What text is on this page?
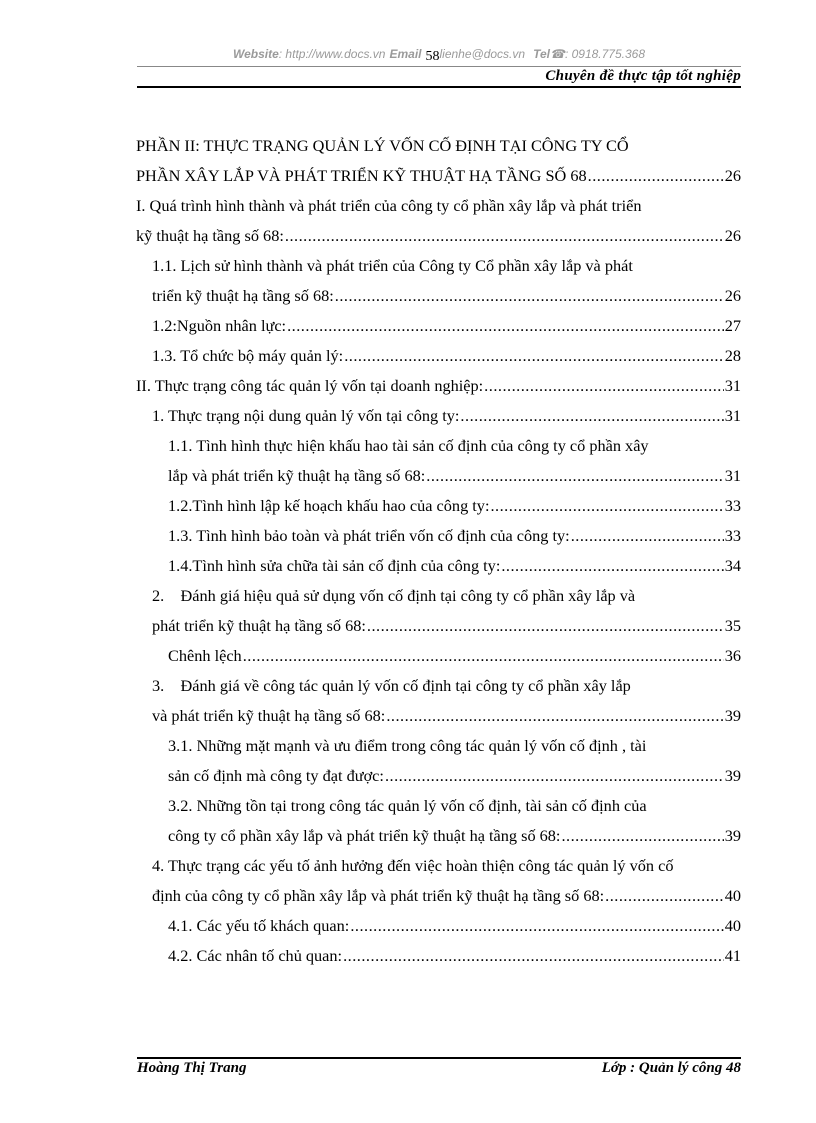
Website: http://www.docs.vn Email 58lienhe@docs.vn Tel☎: 0918.775.368
Chuyên đề thực tập tốt nghiệp
PHẦN II: THỰC TRẠNG QUẢN LÝ VỐN CỐ ĐỊNH TẠI CÔNG TY CỔ
PHẦN XÂY LẮP VÀ PHÁT TRIỂN KỸ THUẬT HẠ TẦNG SỐ 68 .....	26
I. Quá trình hình thành và phát triển của công ty cổ phần xây lắp và phát triển
kỹ thuật hạ tầng số 68: .....	26
1.1. Lịch sử hình thành và phát triển của Công ty Cổ phần xây lắp và phát
triển kỹ thuật hạ tầng số 68: .....	26
1.2:Nguồn nhân lực: .....	27
1.3. Tổ chức bộ máy quản lý: .....	28
II. Thực trạng công tác quản lý vốn tại doanh nghiệp: .....	31
1. Thực trạng nội dung quản lý vốn tại công ty: .....	31
1.1. Tình hình thực hiện khấu hao tài sản cố định của công ty cổ phần xây
lắp và phát triển kỹ thuật hạ tầng số 68: .....	31
1.2.Tình hình lập kế hoạch khấu hao của công ty: .....	33
1.3. Tình hình bảo toàn và phát triển vốn cố định của công ty: .....	33
1.4.Tình hình sửa chữa tài sản cố định của công ty: .....	34
2.    Đánh giá hiệu quả sử dụng vốn cố định tại công ty cổ phần xây lắp và
phát triển kỹ thuật hạ tầng số 68: .....	35
Chênh lệch .....	36
3.    Đánh giá về công tác quản lý vốn cố định tại công ty cổ phần xây lắp
và phát triển kỹ thuật hạ tầng số 68: .....	39
3.1. Những mặt mạnh và ưu điểm trong công tác quản lý vốn cố định , tài
sản cố định mà công ty đạt được: .....	39
3.2. Những tồn tại trong công tác quản lý vốn cố định, tài sản cố định của
công ty cổ phần xây lắp và phát triển kỹ thuật hạ tầng số 68: .....	39
4. Thực trạng các yếu tố ảnh hưởng đến việc hoàn thiện công tác quản lý vốn cố
định của công ty cổ phần xây lắp và phát triển kỹ thuật hạ tầng số 68: .....	40
4.1. Các yếu tố khách quan: .....	40
4.2. Các nhân tố chủ quan: .....	41
Hoàng Thị Trang	Lớp : Quản lý công 48
